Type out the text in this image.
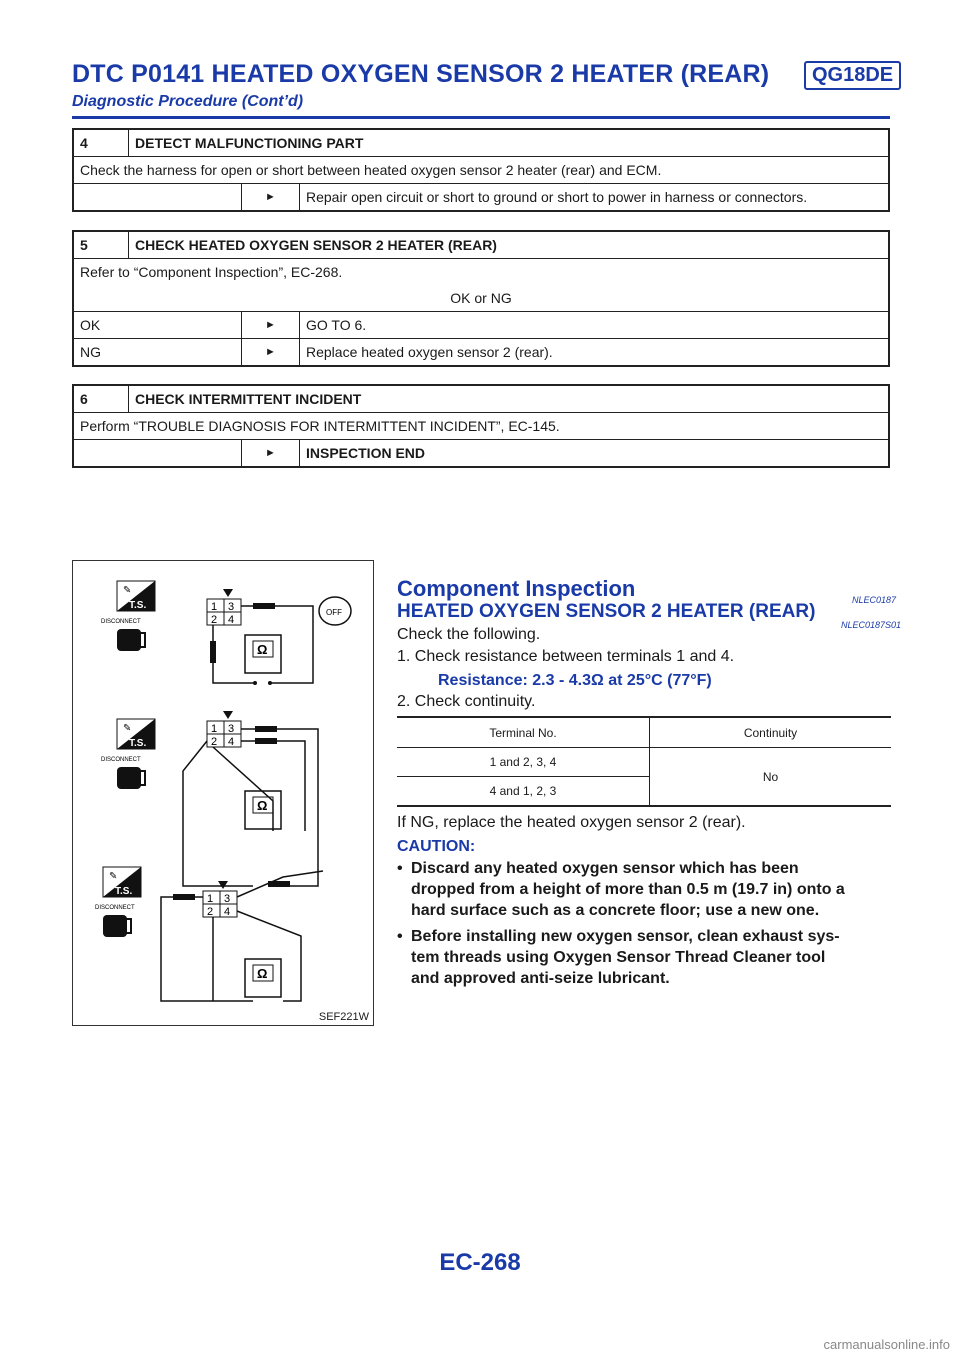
DTC P0141 HEATED OXYGEN SENSOR 2 HEATER (REAR)	QG18DE
Diagnostic Procedure (Cont’d)
4	DETECT MALFUNCTIONING PART
Check the harness for open or short between heated oxygen sensor 2 heater (rear) and ECM.
	►	Repair open circuit or short to ground or short to power in harness or connectors.
5 CHECK HEATED OXYGEN SENSOR 2 HEATER (REAR)		

Refer to “Component Inspection”, EC-268.
OK or NG		

OK	►	GO TO 6.
NG	►	Replace heated oxygen sensor 2 (rear).
6	CHECK INTERMITTENT INCIDENT
Perform “TROUBLE DIAGNOSIS FOR INTERMITTENT INCIDENT”, EC-145.
	►	INSPECTION END
✎
T.S.
DISCONNECT
1 3
2 4
Ω
OFF
✎
T.S.
DISCONNECT
1 3
2 4
Ω
✎
T.S.
DISCONNECT
1 3
2 4
Ω
SEF221W
Component Inspection	NLEC0187
HEATED OXYGEN SENSOR 2 HEATER (REAR)
NLEC0187S01
Check the following.
1. Check resistance between terminals 1 and 4.
Resistance: 2.3 - 4.3Ω at 25°C (77°F)
2. Check continuity.
Terminal No.	Continuity
1 and 2, 3, 4	No
4 and 1, 2, 3	
If NG, replace the heated oxygen sensor 2 (rear).
CAUTION:
• Discard any heated oxygen sensor which has been
dropped from a height of more than 0.5 m (19.7 in) onto a
hard surface such as a concrete floor; use a new one.
• Before installing new oxygen sensor, clean exhaust sys-
tem threads using Oxygen Sensor Thread Cleaner tool
and approved anti-seize lubricant.
EC-268
carmanualsonline.info
